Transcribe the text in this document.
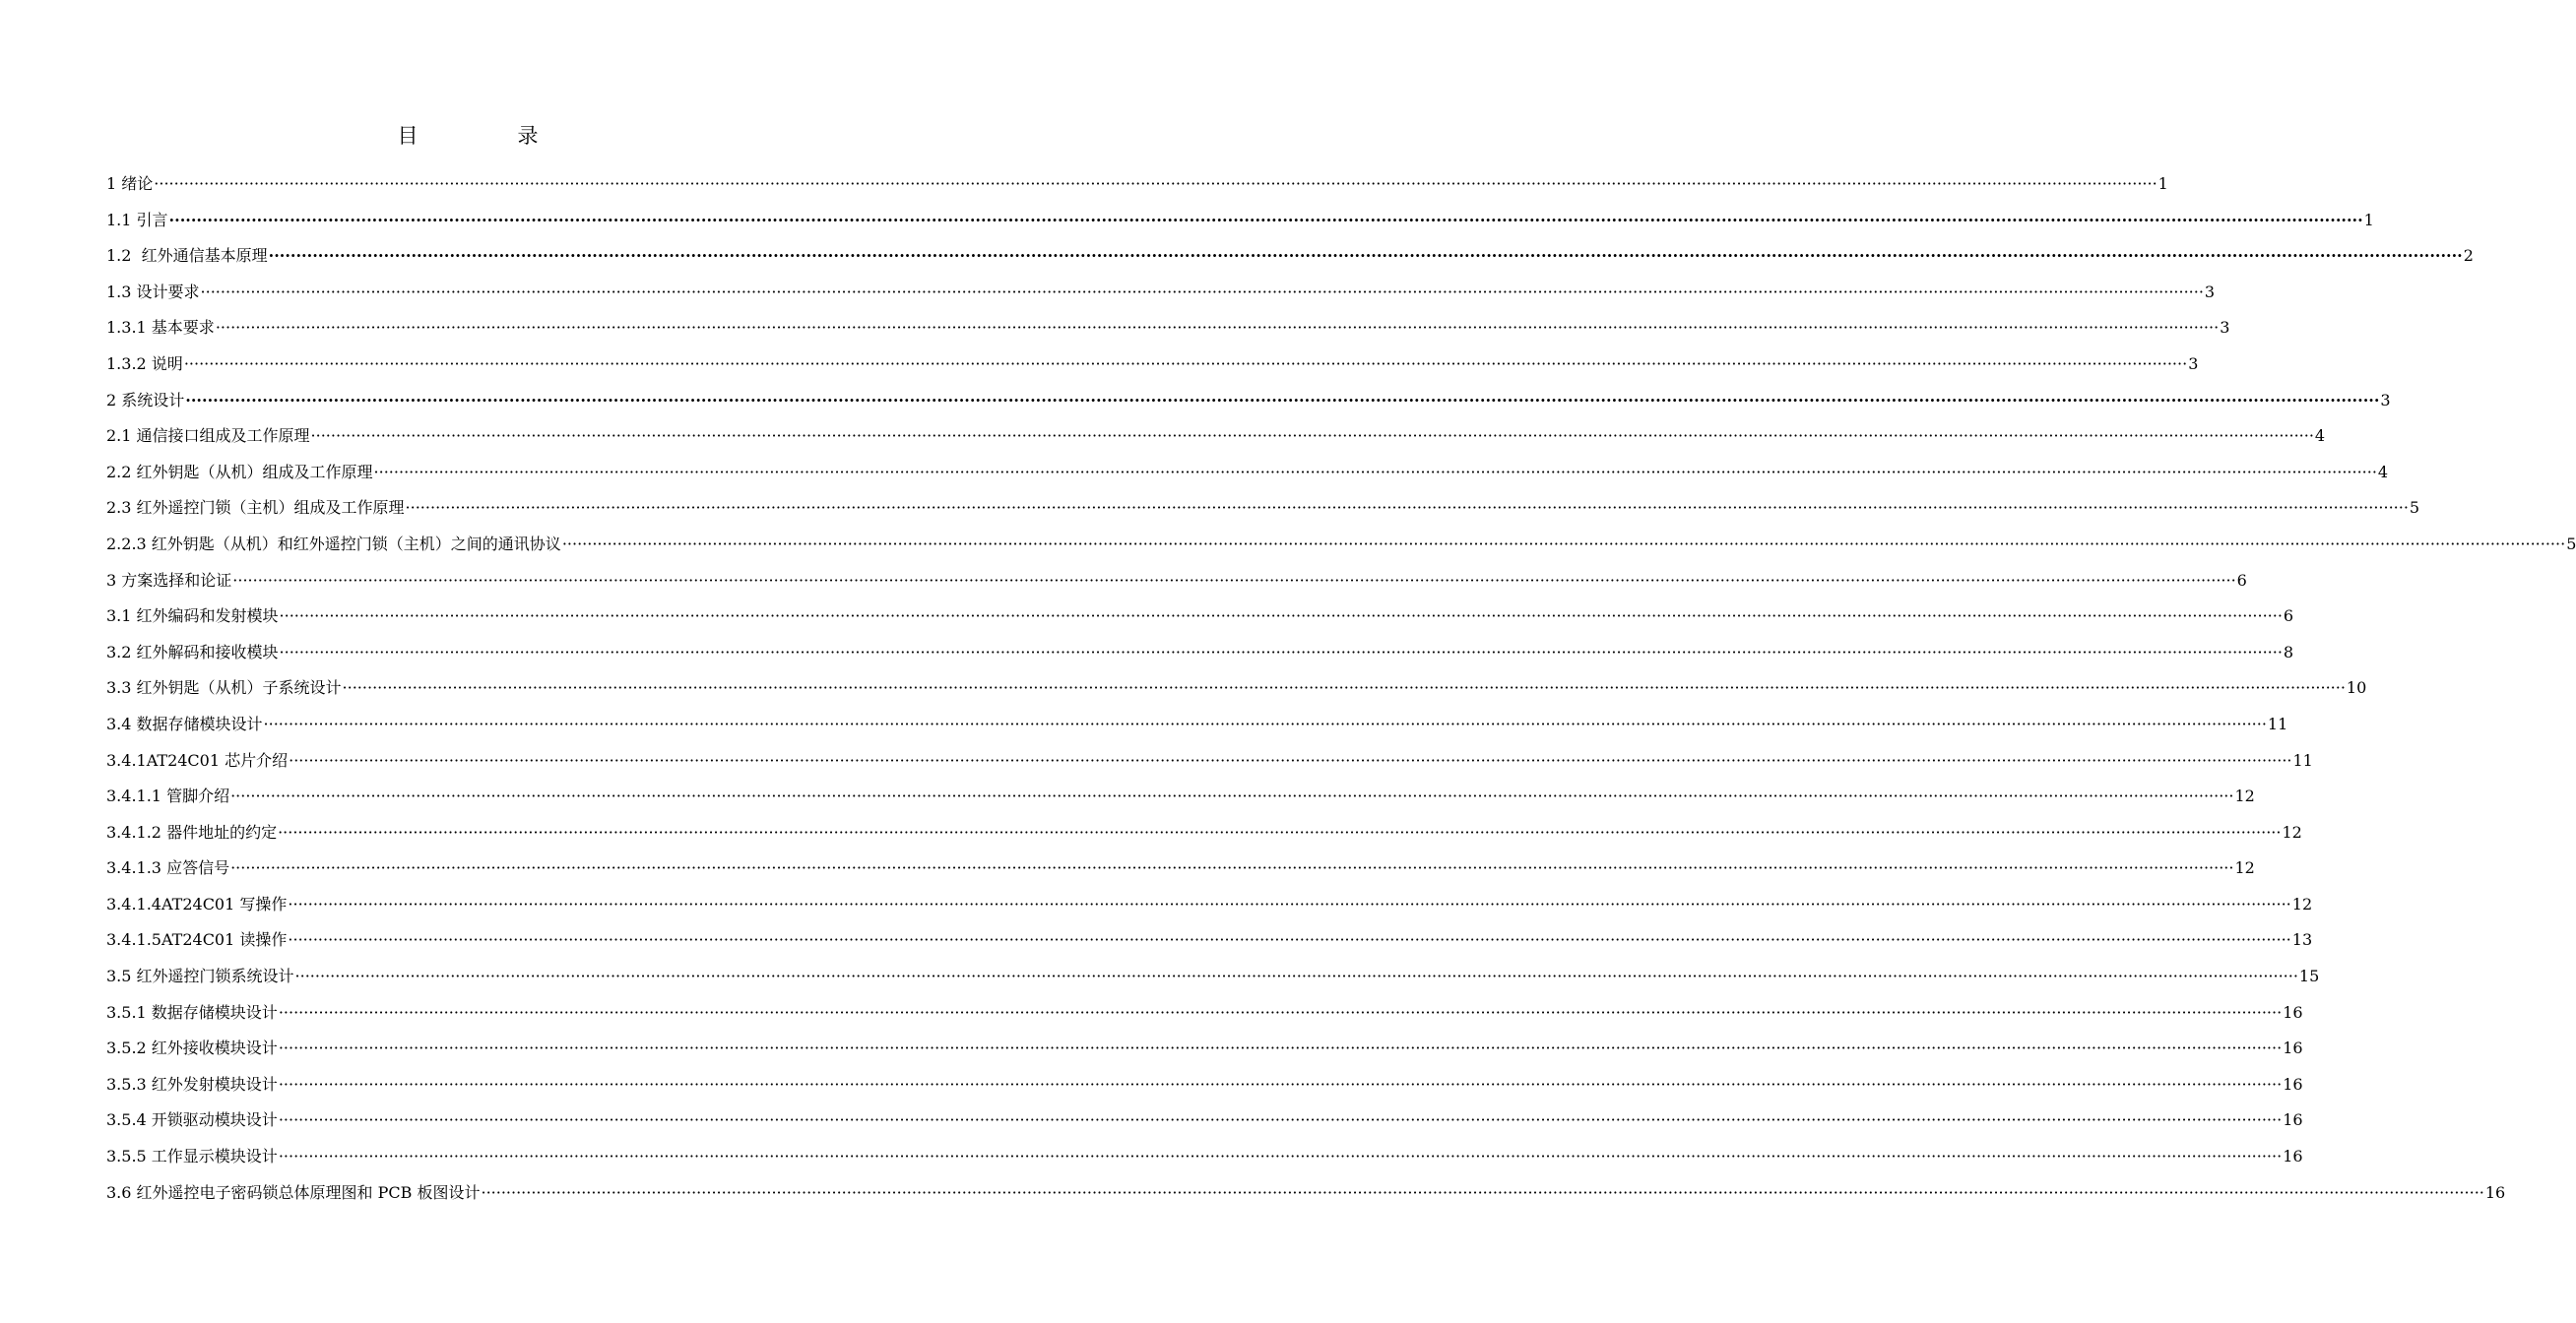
目　录
1 绪论 ················································································································································································································································································································································································································ 1
1.1 引言 ················································································································································································································································································································································································································ 1
1.2  红外通信基本原理 ················································································································································································································································································································································································································ 2
1.3 设计要求 ················································································································································································································································································································································································································ 3
1.3.1 基本要求 ················································································································································································································································································································································································································ 3
1.3.2 说明 ················································································································································································································································································································································································································ 3
2 系统设计 ················································································································································································································································································································································································································ 3
2.1 通信接口组成及工作原理 ················································································································································································································································································································································································································ 4
2.2 红外钥匙（从机）组成及工作原理 ················································································································································································································································································································································································································ 4
2.3 红外遥控门锁（主机）组成及工作原理 ················································································································································································································································································································································································································ 5
2.2.3 红外钥匙（从机）和红外遥控门锁（主机）之间的通讯协议 ················································································································································································································································································································································································································ 5
3 方案选择和论证 ················································································································································································································································································································································································································ 6
3.1 红外编码和发射模块 ················································································································································································································································································································································································································ 6
3.2 红外解码和接收模块 ················································································································································································································································································································································································································ 8
3.3 红外钥匙（从机）子系统设计 ················································································································································································································································································································································································································ 10
3.4 数据存储模块设计 ················································································································································································································································································································································································································ 11
3.4.1AT24C01 芯片介绍 ················································································································································································································································································································································································································ 11
3.4.1.1 管脚介绍 ················································································································································································································································································································································································································ 12
3.4.1.2 器件地址的约定 ················································································································································································································································································································································································································ 12
3.4.1.3 应答信号 ················································································································································································································································································································································································································ 12
3.4.1.4AT24C01 写操作 ················································································································································································································································································································································································································ 12
3.4.1.5AT24C01 读操作 ················································································································································································································································································································································································································ 13
3.5 红外遥控门锁系统设计 ················································································································································································································································································································································································································ 15
3.5.1 数据存储模块设计 ················································································································································································································································································································································································································ 16
3.5.2 红外接收模块设计 ················································································································································································································································································································································································································ 16
3.5.3 红外发射模块设计 ················································································································································································································································································································································································································ 16
3.5.4 开锁驱动模块设计 ················································································································································································································································································································································································································ 16
3.5.5 工作显示模块设计 ················································································································································································································································································································································································································ 16
3.6 红外遥控电子密码锁总体原理图和 PCB 板图设计 ················································································································································································································································································································································································································ 16
